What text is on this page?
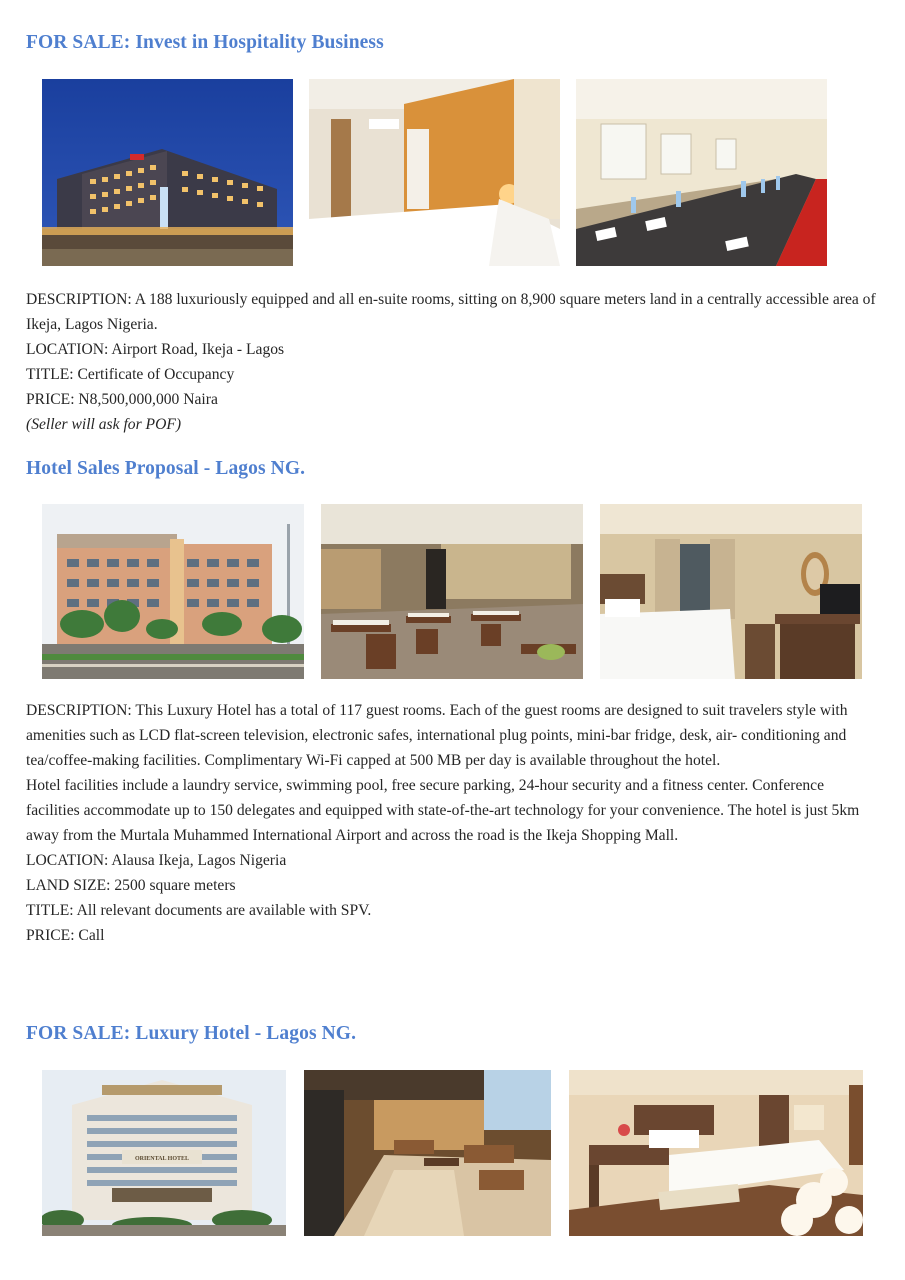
FOR SALE: Invest in Hospitality Business

DESCRIPTION: A 188 luxuriously equipped and all en-suite rooms, sitting on 8,900 square meters land in a centrally accessible area of Ikeja, Lagos Nigeria.

LOCATION: Airport Road, Ikeja - Lagos

TITLE: Certificate of Occupancy

PRICE: N8,500,000,000 Naira

(Seller will ask for POF)

Hotel Sales Proposal - Lagos NG.

DESCRIPTION: This Luxury Hotel has a total of 117 guest rooms. Each of the guest rooms are designed to suit travelers style with amenities such as LCD flat-screen television, electronic safes, international plug points, mini-bar fridge, desk, air- conditioning and tea/coffee-making facilities. Complimentary Wi-Fi capped at 500 MB per day is available throughout the hotel.

Hotel facilities include a laundry service, swimming pool, free secure parking, 24-hour security and a fitness center. Conference facilities accommodate up to 150 delegates and equipped with state-of-the-art technology for your convenience. The hotel is just 5km away from the Murtala Muhammed International Airport and across the road is the Ikeja Shopping Mall.

LOCATION: Alausa Ikeja, Lagos Nigeria

LAND SIZE: 2500 square meters

TITLE: All relevant documents are available with SPV.

PRICE: Call

FOR SALE: Luxury Hotel - Lagos NG.
ORIENTAL HOTEL
